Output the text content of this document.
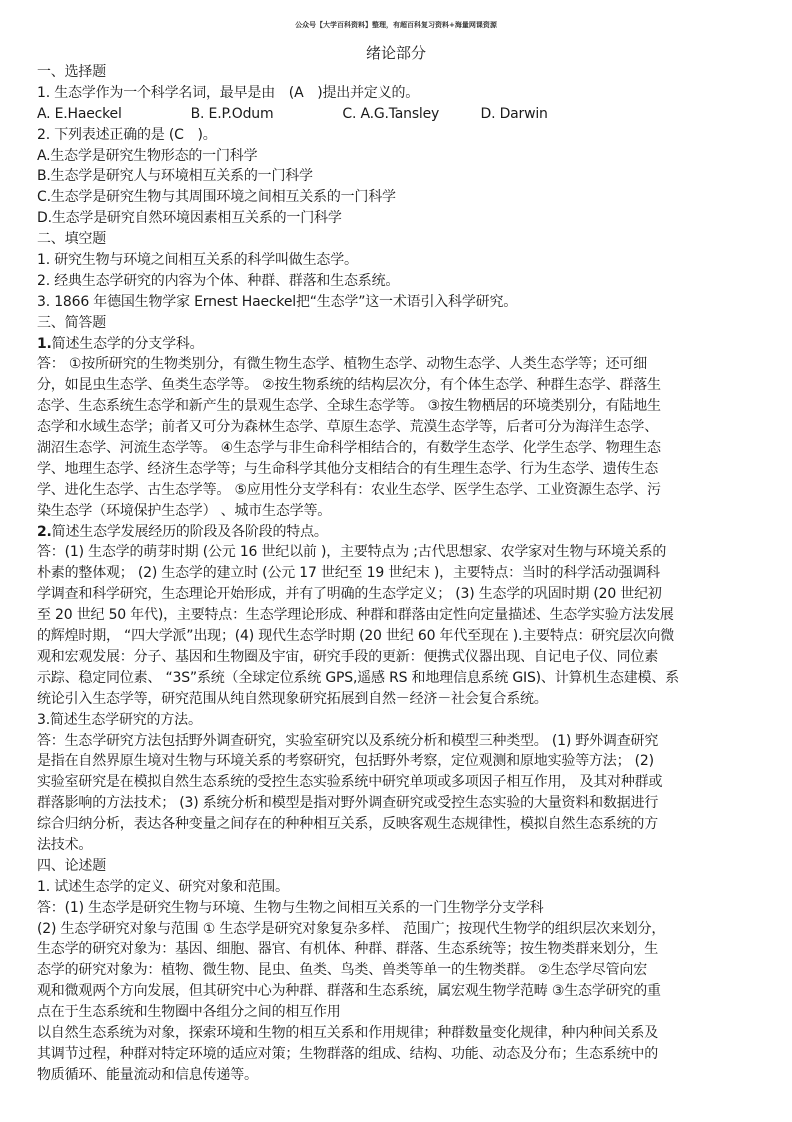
公众号【大学百科资料】整理，有超百科复习资料+海量网课资源
绪论部分
一、选择题
1. 生态学作为一个科学名词，最早是由　(A　)提出并定义的。
A. E.Haeckel　　　　　B. E.P.Odum　　　　　C. A.G.Tansley　　　D. Darwin
2. 下列表述正确的是 (C　)。
A.生态学是研究生物形态的一门科学
B.生态学是研究人与环境相互关系的一门科学
C.生态学是研究生物与其周围环境之间相互关系的一门科学
D.生态学是研究自然环境因素相互关系的一门科学
二、填空题
1. 研究生物与环境之间相互关系的科学叫做生态学。
2. 经典生态学研究的内容为个体、种群、群落和生态系统。
3. 1866 年德国生物学家 Ernest Haeckel把“生态学”这一术语引入科学研究。
三、简答题
1.简述生态学的分支学科。
答： ①按所研究的生物类别分，有微生物生态学、植物生态学、动物生态学、人类生态学等；还可细
分，如昆虫生态学、鱼类生态学等。 ②按生物系统的结构层次分，有个体生态学、种群生态学、群落生
态学、生态系统生态学和新产生的景观生态学、全球生态学等。 ③按生物栖居的环境类别分，有陆地生
态学和水域生态学；前者又可分为森林生态学、草原生态学、荒漠生态学等，后者可分为海洋生态学、
湖沼生态学、河流生态学等。 ④生态学与非生命科学相结合的，有数学生态学、化学生态学、物理生态
学、地理生态学、经济生态学等；与生命科学其他分支相结合的有生理生态学、行为生态学、遗传生态
学、进化生态学、古生态学等。 ⑤应用性分支学科有：农业生态学、医学生态学、工业资源生态学、污
染生态学（环境保护生态学） 、城市生态学等。
2.简述生态学发展经历的阶段及各阶段的特点。
答：(1) 生态学的萌芽时期 (公元 16 世纪以前 )，主要特点为 ;古代思想家、农学家对生物与环境关系的
朴素的整体观； (2) 生态学的建立时 (公元 17 世纪至 19 世纪末 )，主要特点：当时的科学活动强调科
学调查和科学研究，生态理论开始形成，并有了明确的生态学定义； (3) 生态学的巩固时期 (20 世纪初
至 20 世纪 50 年代)，主要特点：生态学理论形成、种群和群落由定性向定量描述、生态学实验方法发展
的辉煌时期， “四大学派”出现；(4) 现代生态学时期 (20 世纪 60 年代至现在 ).主要特点：研究层次向微
观和宏观发展：分子、基因和生物圈及宇宙，研究手段的更新：便携式仪器出现、自记电子仪、同位素
示踪、稳定同位素、 “3S”系统（全球定位系统 GPS,遥感 RS 和地理信息系统 GIS)、计算机生态建模、系
统论引入生态学等，研究范围从纯自然现象研究拓展到自然－经济－社会复合系统。
3.简述生态学研究的方法。
答：生态学研究方法包括野外调查研究，实验室研究以及系统分析和模型三种类型。 (1) 野外调查研究
是指在自然界原生境对生物与环境关系的考察研究，包括野外考察，定位观测和原地实验等方法； (2)
实验室研究是在模拟自然生态系统的受控生态实验系统中研究单项或多项因子相互作用， 及其对种群或
群落影响的方法技术； (3) 系统分析和模型是指对野外调查研究或受控生态实验的大量资料和数据进行
综合归纳分析，表达各种变量之间存在的种种相互关系，反映客观生态规律性，模拟自然生态系统的方
法技术。
四、论述题
1. 试述生态学的定义、研究对象和范围。
答：(1) 生态学是研究生物与环境、生物与生物之间相互关系的一门生物学分支学科
(2) 生态学研究对象与范围 ① 生态学是研究对象复杂多样、 范围广；按现代生物学的组织层次来划分，
生态学的研究对象为：基因、细胞、器官、有机体、种群、群落、生态系统等；按生物类群来划分，生
态学的研究对象为：植物、微生物、昆虫、鱼类、鸟类、兽类等单一的生物类群。 ②生态学尽管向宏
观和微观两个方向发展，但其研究中心为种群、群落和生态系统，属宏观生物学范畴 ③生态学研究的重
点在于生态系统和生物圈中各组分之间的相互作用
以自然生态系统为对象，探索环境和生物的相互关系和作用规律；种群数量变化规律，种内种间关系及
其调节过程，种群对特定环境的适应对策；生物群落的组成、结构、功能、动态及分布；生态系统中的
物质循环、能量流动和信息传递等。
